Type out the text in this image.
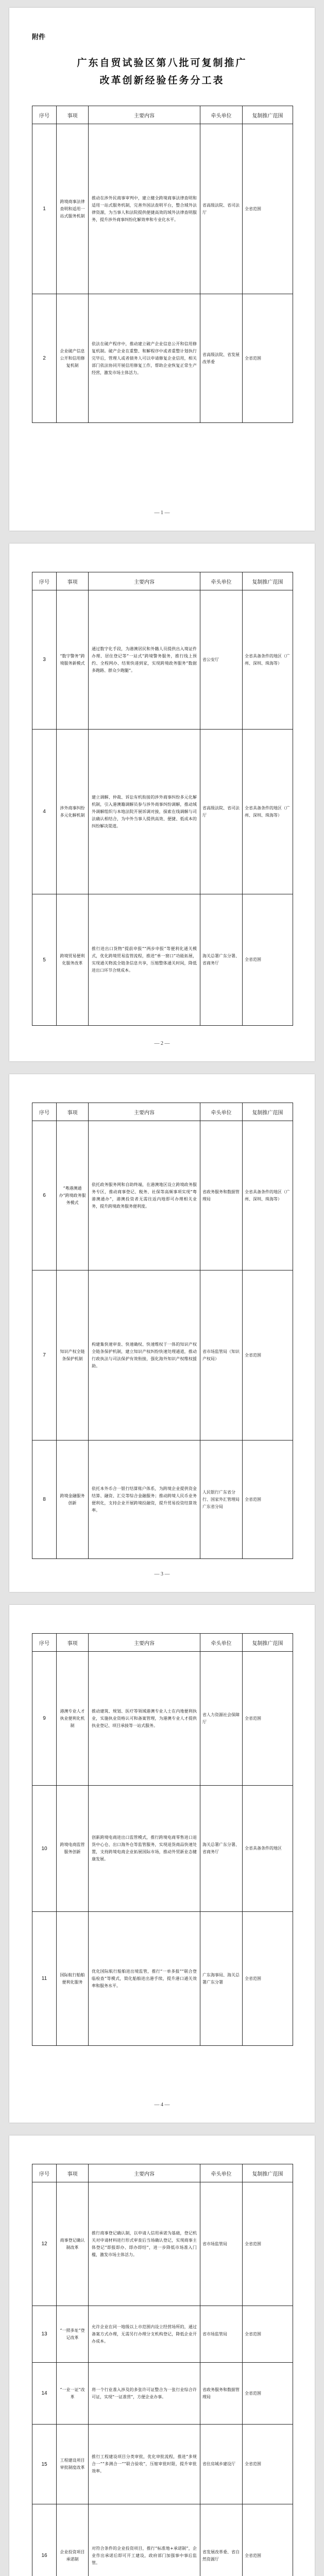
附件
广东自贸试验区第八批可复制推广
改革创新经验任务分工表
序号	事项	主要内容	牵头单位	复制推广范围
1	跨境商事法律查明和适用一站式服务机制	推动在涉外民商事审判中，建立健全跨境商事法律查明和适用一站式服务机制，完善外国法查明平台，整合域外法律资源，为当事人和法院提供便捷高效的域外法律查明服务，提升涉外商事纠纷化解效率和专业化水平。	省高级法院、省司法厅	全省范围
2	企业破产信息公开和信用修复机制	依法在破产程序中，推动建立破产企业信息公开和信用修复机制。破产企业在重整、和解程序中或者重整计划执行完毕后，管理人或者债务人可以申请修复企业信用，相关部门依法协同开展信用修复工作，帮助企业恢复正常生产经营，激发市场主体活力。	省高级法院、省发展改革委	全省范围
— 1 —
序号	事项	主要内容	牵头单位	复制推广范围
3	“数字警务”跨境服务新模式	通过数字化手段，为港澳居民和外籍人员提供出入境证件办理、居住登记等“一站式”跨境警务服务，推行线上预约、全程网办、结果快递到家，实现跨境政务服务“数据多跑路、群众少跑腿”。	省公安厅	全省具备条件的地区（广州、深圳、珠海等）
4	涉外商事纠纷多元化解机制	建立调解、仲裁、诉讼有机衔接的涉外商事纠纷多元化解机制，引入港澳籍调解员参与涉外商事纠纷调解，推动域外调解组织与本地法院开展诉调对接，探索在线调解与司法确认相结合，为中外当事人提供高效、便捷、低成本的纠纷解决渠道。	省高级法院、省司法厅	全省具备条件的地区（广州、深圳、珠海等）
5	跨境贸易便利化服务改革	推行进出口货物“提前申报”“两步申报”等便利化通关模式，优化跨境贸易监管流程，推进“单一窗口”功能拓展，实现通关物流全链条信息共享，压缩整体通关时间，降低进出口环节合规成本。	海关总署广东分署、省商务厅	全省范围
— 2 —
序号	事项	主要内容	牵头单位	复制推广范围
6	“粤港澳通办”跨境政务服务模式	依托政务服务网和自助终端，在港澳地区设立跨境政务服务专区，推动商事登记、税务、社保等高频事项实现“粤港澳通办”，港澳投资者无需往返内地即可办理相关业务，提升跨境政务服务便利度。	省政务服务和数据管理局	全省具备条件的地区（广州、深圳、珠海等）
7	知识产权全链条保护机制	构建集快速审查、快速确权、快速维权于一体的知识产权全链条保护机制，建立知识产权纠纷快速处理通道，推动行政执法与司法保护有效衔接，强化海外知识产权维权援助。	省市场监管局（知识产权局）	全省范围
8	跨境金融服务创新	依托本外币合一银行结算账户体系，为跨境企业提供资金结算、融资、汇兑等综合金融服务；推动跨境人民币业务便利化，支持企业开展跨境投融资，提升贸易投资结算效率。	人民银行广东省分行、国家外汇管理局广东省分局	全省范围
— 3 —
序号	事项	主要内容	牵头单位	复制推广范围
9	港澳专业人才执业便利化机制	推动建筑、规划、医疗等领域港澳专业人士在内地便利执业，实施执业资格认可和备案管理，为港澳专业人才提供执业登记、项目承接等一站式服务。	省人力资源社会保障厅	全省范围
10	跨境电商监管服务创新	创新跨境电商进出口监管模式，推行跨境电商零售进口退货中心仓、出口海外仓等监管服务，实现退货商品快速处置，支持跨境电商企业拓展国际市场，推动外贸新业态健康发展。	海关总署广东分署、省商务厅	全省具备条件的地区
11	国际航行船舶便利化服务	优化国际航行船舶进出境监管，推行“一单多报”“联合登临检查”等模式，简化船舶进出港手续，提升港口通关效率和服务水平。	广东海事局、海关总署广东分署	全省范围
— 4 —
序号	事项	主要内容	牵头单位	复制推广范围
12	商事登记确认制改革	推行商事登记确认制，以申请人信用承诺为基础，登记机关对申请材料进行形式审查后当场确认登记，实现商事主体登记“即报即办、即办即结”，进一步降低市场准入门槛，激发市场主体活力。	省市场监管局	全省范围
13	“一照多址”登记改革	允许企业在同一地级以上市范围内设立经营场所的，通过备案方式办理，无需另行办理分支机构登记，降低企业开办成本。	省市场监管局	全省范围
14	“一业一证”改革	将一个行业准入涉及的多张许可证整合为一张行业综合许可证，实现“一证准营”，方便企业办事。	省政务服务和数据管理局	全省范围
15	工程建设项目审批制度改革	推行工程建设项目分类审批，优化审批流程，推进“多规合一”“多测合一”“联合验收”，压缩审批时限，提升审批效率。	省住房城乡建设厅	全省范围
16	企业投资项目承诺制	对符合条件的企业投资项目，推行“标准地+承诺制”，企业作出承诺后即可开工建设，政府部门加强事中事后监管。	省发展改革委、省自然资源厅	全省范围
